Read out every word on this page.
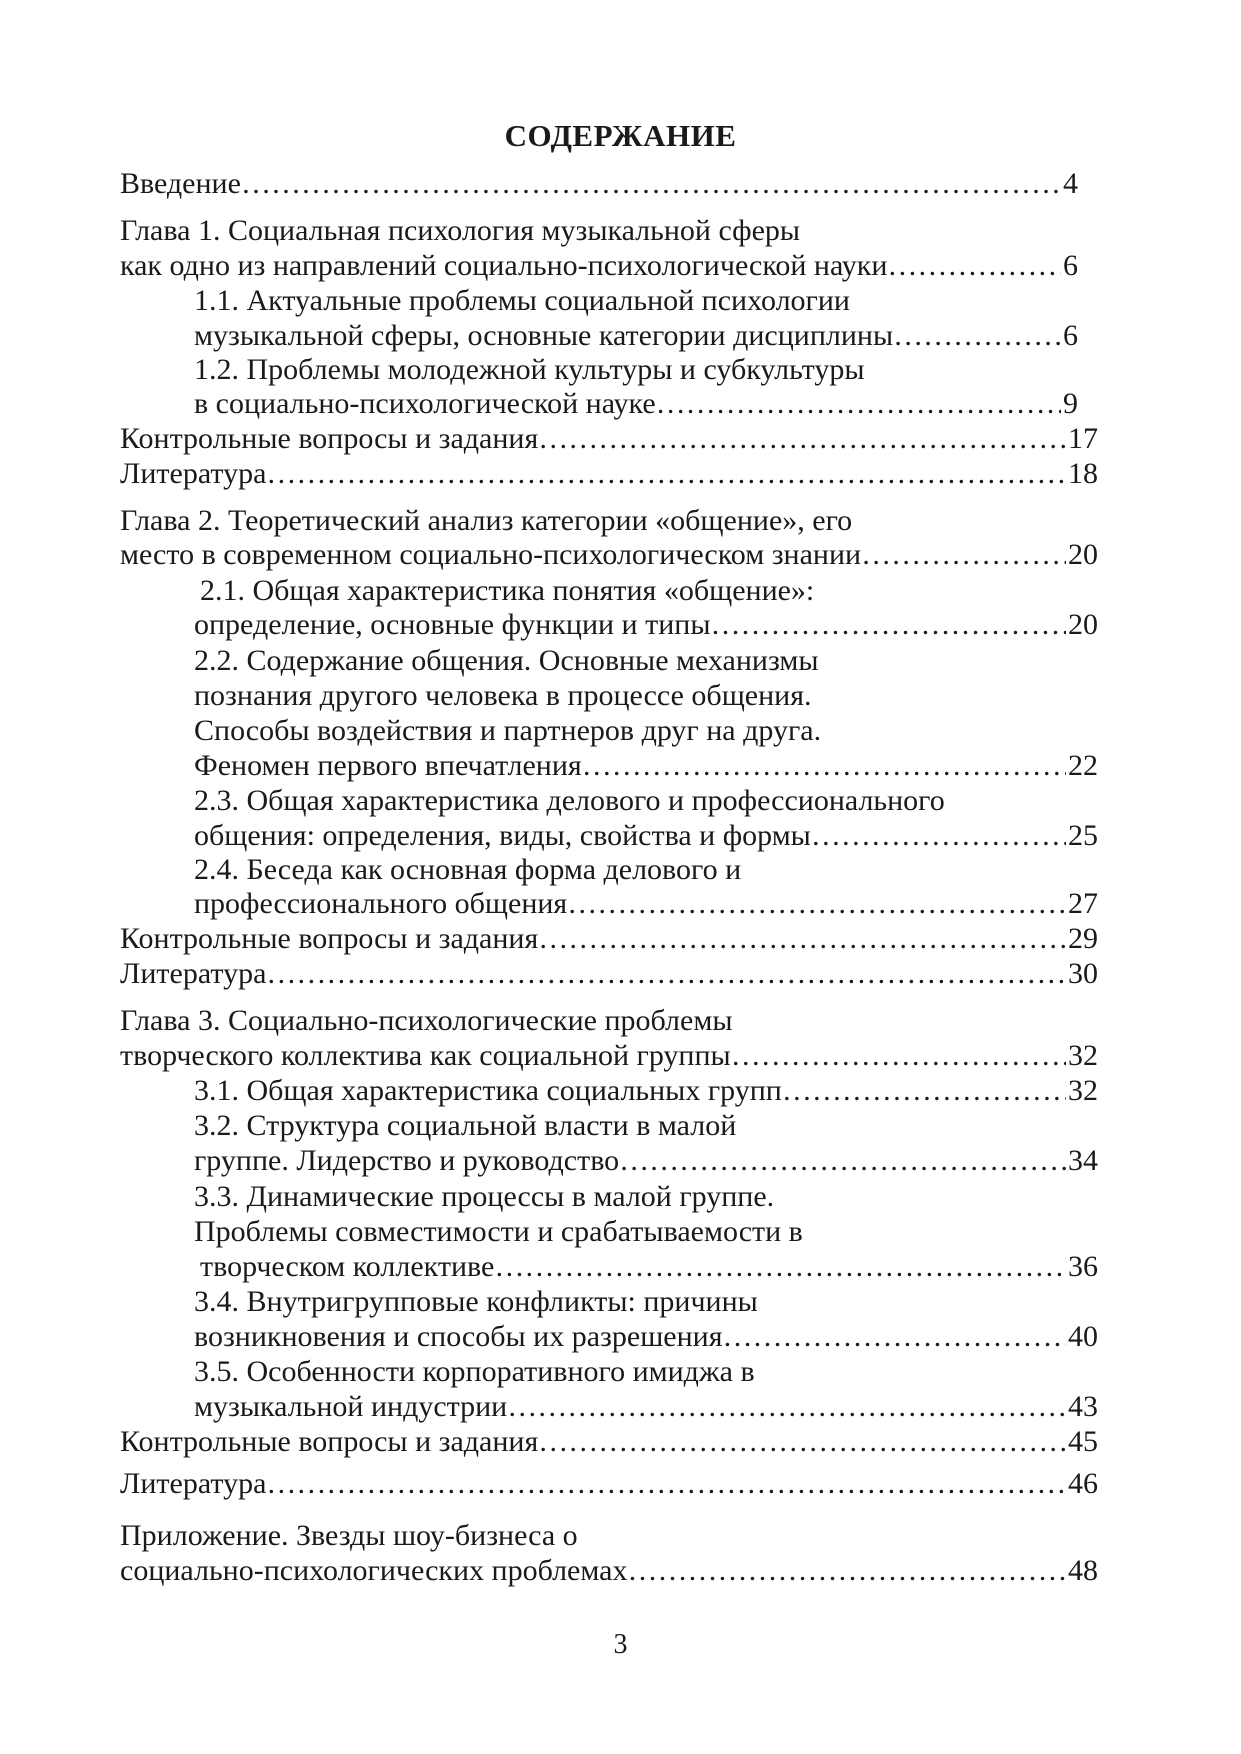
СОДЕРЖАНИЕ
Введение ……………………………………………………………………………………………………………………………………………………………………	4
Глава 1. Социальная психология музыкальной сферы
как одно из направлений социально-психологической науки ……………………………………………………………………………………………………………………………………………………………………	6
1.1. Актуальные проблемы социальной психологии
музыкальной сферы, основные категории дисциплины ……………………………………………………………………………………………………………………………………………………………………	6
1.2. Проблемы молодежной культуры и субкультуры
в социально-психологической науке ……………………………………………………………………………………………………………………………………………………………………	9
Контрольные вопросы и задания ……………………………………………………………………………………………………………………………………………………………………	17
Литература ……………………………………………………………………………………………………………………………………………………………………	18
Глава 2. Теоретический анализ категории «общение», его
место в современном социально-психологическом знании ……………………………………………………………………………………………………………………………………………………………………	20
2.1. Общая характеристика понятия «общение»:
определение, основные функции и типы ……………………………………………………………………………………………………………………………………………………………………	20
2.2. Содержание общения. Основные механизмы
познания другого человека в процессе общения.
Способы воздействия и партнеров друг на друга.
Феномен первого впечатления ……………………………………………………………………………………………………………………………………………………………………	22
2.3. Общая характеристика делового и профессионального
общения: определения, виды, свойства и формы ……………………………………………………………………………………………………………………………………………………………………	25
2.4. Беседа как основная форма делового и
профессионального общения ……………………………………………………………………………………………………………………………………………………………………	27
Контрольные вопросы и задания ……………………………………………………………………………………………………………………………………………………………………	29
Литература ……………………………………………………………………………………………………………………………………………………………………	30
Глава 3. Социально-психологические проблемы
творческого коллектива как социальной группы ……………………………………………………………………………………………………………………………………………………………………	32
3.1. Общая характеристика социальных групп ……………………………………………………………………………………………………………………………………………………………………	32
3.2. Структура социальной власти в малой
группе. Лидерство и руководство ……………………………………………………………………………………………………………………………………………………………………	34
3.3. Динамические процессы в малой группе.
Проблемы совместимости и срабатываемости в
творческом коллективе ……………………………………………………………………………………………………………………………………………………………………	36
3.4. Внутригрупповые конфликты: причины
возникновения и способы их разрешения ……………………………………………………………………………………………………………………………………………………………………	40
3.5. Особенности корпоративного имиджа в
музыкальной индустрии ……………………………………………………………………………………………………………………………………………………………………	43
Контрольные вопросы и задания ……………………………………………………………………………………………………………………………………………………………………	45
Литература ……………………………………………………………………………………………………………………………………………………………………	46
Приложение. Звезды шоу-бизнеса о
социально-психологических проблемах ……………………………………………………………………………………………………………………………………………………………………	48
3
